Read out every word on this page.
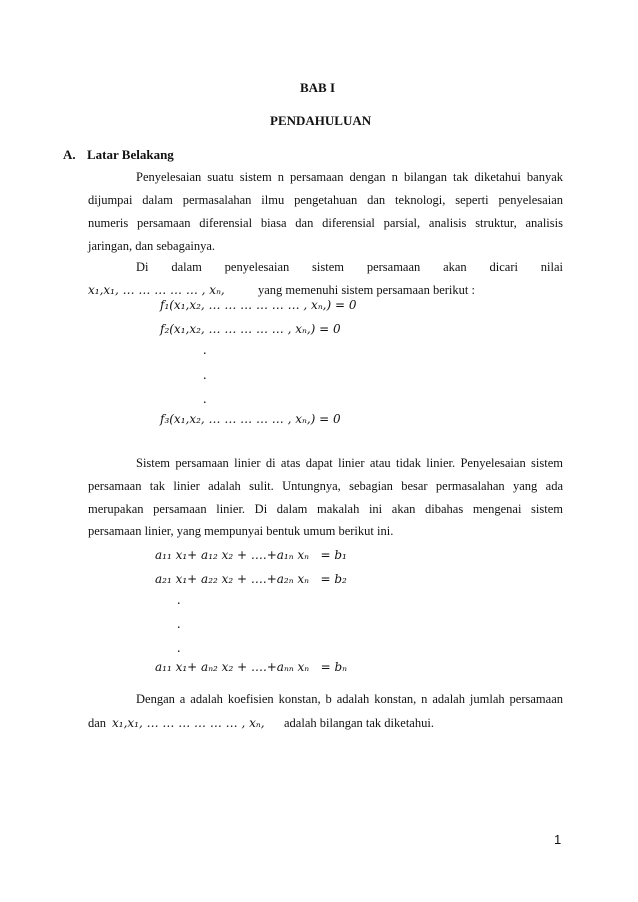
BAB I
PENDAHULUAN
A. Latar Belakang
Penyelesaian suatu sistem n persamaan dengan n bilangan tak diketahui banyak
dijumpai dalam permasalahan ilmu pengetahuan dan teknologi, seperti penyelesaian
numeris persamaan diferensial biasa dan diferensial parsial, analisis struktur, analisis
jaringan, dan sebagainya.
Di dalam penyelesaian sistem persamaan akan dicari nilai
x₁,x₁, … … … … … , xₙ,	yang memenuhi sistem persamaan berikut :
f₁(x₁,x₂, … … … … … … , xₙ,) = 0
f₂(x₁,x₂, … … … … … , xₙ,) = 0
.
.
.
f₃(x₁,x₂, … … … … … , xₙ,) = 0
Sistem persamaan linier di atas dapat linier atau tidak linier. Penyelesaian sistem
persamaan tak linier adalah sulit. Untungnya, sebagian besar permasalahan yang ada
merupakan persamaan linier. Di dalam makalah ini akan dibahas mengenai sistem
persamaan linier, yang mempunyai bentuk umum berikut ini.
a₁₁ x₁+ a₁₂ x₂ + ….+a₁ₙ xₙ   = b₁
a₂₁ x₁+ a₂₂ x₂ + ….+a₂ₙ xₙ   = b₂
.
.
.
a₁₁ x₁+ aₙ₂ x₂ + ….+aₙₙ xₙ   = bₙ
Dengan a adalah koefisien konstan, b adalah konstan, n adalah jumlah persamaan
dan x₁,x₁, … … … … … … , xₙ, adalah bilangan tak diketahui.
1
